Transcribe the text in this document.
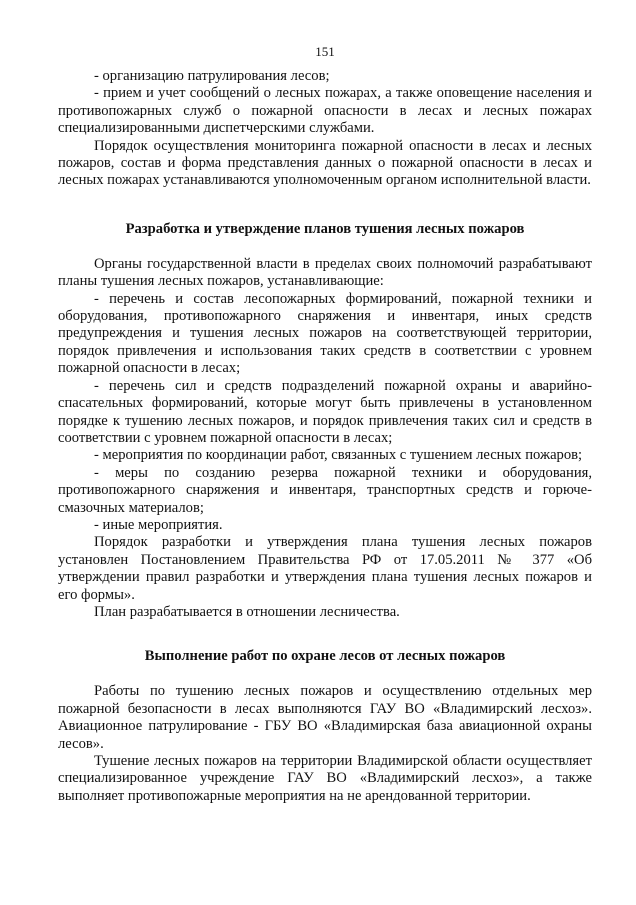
151

- организацию патрулирования лесов;

- прием и учет сообщений о лесных пожарах, а также оповещение населения и противопожарных служб о пожарной опасности в лесах и лесных пожарах специализированными диспетчерскими службами.

Порядок осуществления мониторинга пожарной опасности в лесах и лесных пожаров, состав и форма представления данных о пожарной опасности в лесах и лесных пожарах устанавливаются уполномоченным органом исполнительной власти.

Разработка и утверждение планов тушения лесных пожаров

Органы государственной власти в пределах своих полномочий разрабатывают планы тушения лесных пожаров, устанавливающие:

- перечень и состав лесопожарных формирований, пожарной техники и оборудования, противопожарного снаряжения и инвентаря, иных средств предупреждения и тушения лесных пожаров на соответствующей территории, порядок привлечения и использования таких средств в соответствии с уровнем пожарной опасности в лесах;

- перечень сил и средств подразделений пожарной охраны и аварийно-спасательных формирований, которые могут быть привлечены в установленном порядке к тушению лесных пожаров, и порядок привлечения таких сил и средств в соответствии с уровнем пожарной опасности в лесах;

- мероприятия по координации работ, связанных с тушением лесных пожаров;

- меры по созданию резерва пожарной техники и оборудования, противопожарного снаряжения и инвентаря, транспортных средств и горюче-смазочных материалов;

- иные мероприятия.

Порядок разработки и утверждения плана тушения лесных пожаров установлен Постановлением Правительства РФ от 17.05.2011 № 377 «Об утверждении правил разработки и утверждения плана тушения лесных пожаров и его формы».

План разрабатывается в отношении лесничества.

Выполнение работ по охране лесов от лесных пожаров

Работы по тушению лесных пожаров и осуществлению отдельных мер пожарной безопасности в лесах выполняются ГАУ ВО «Владимирский лесхоз». Авиационное патрулирование - ГБУ ВО «Владимирская база авиационной охраны лесов».

Тушение лесных пожаров на территории Владимирской области осуществляет специализированное учреждение ГАУ ВО «Владимирский лесхоз», а также выполняет противопожарные мероприятия на не арендованной территории.
